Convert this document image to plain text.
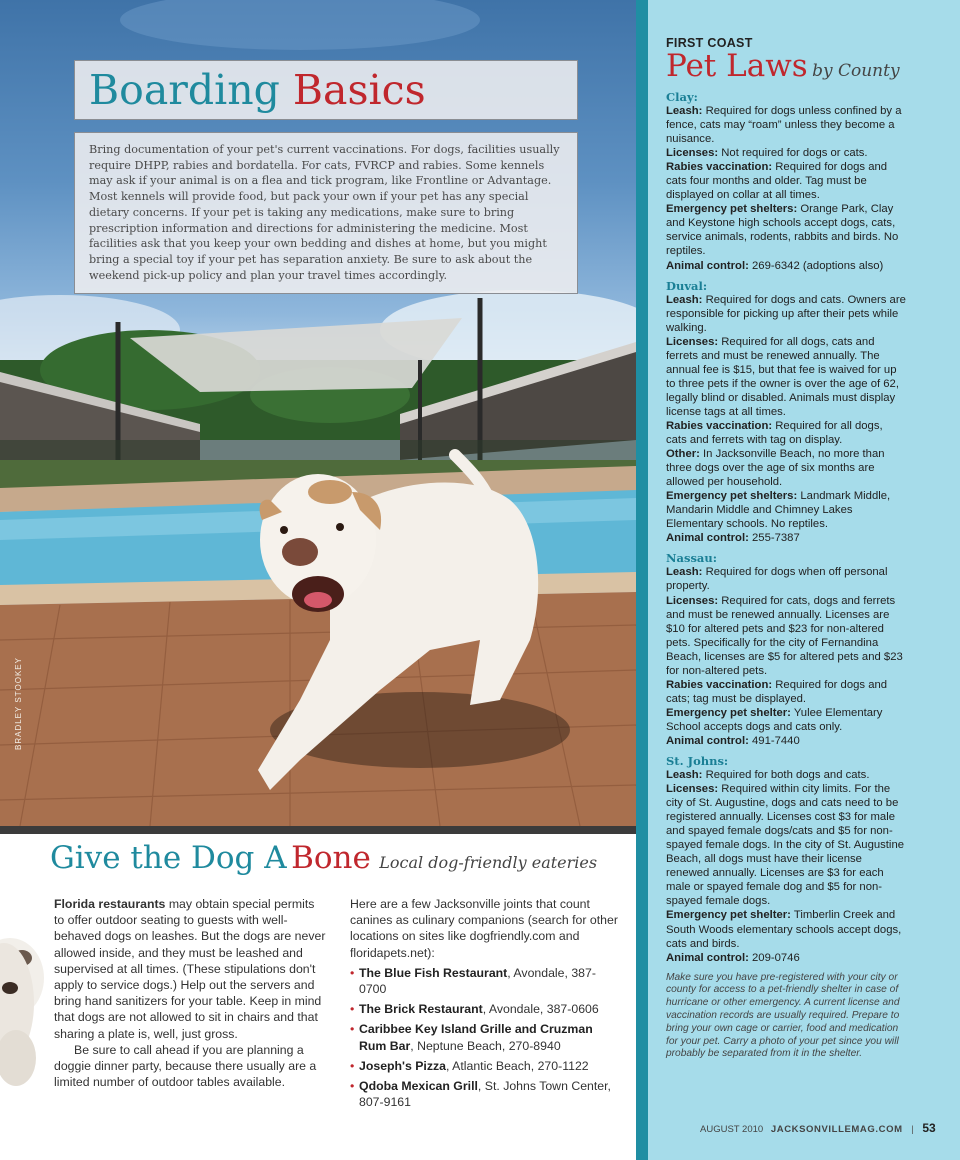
BRADLEY STOOKEY
Boarding Basics

Bring documentation of your pet's current vaccinations. For dogs, facilities usually require DHPP, rabies and bordatella. For cats, FVRCP and rabies. Some kennels may ask if your animal is on a flea and tick program, like Frontline or Advantage. Most kennels will provide food, but pack your own if your pet has any special dietary concerns. If your pet is taking any medications, make sure to bring prescription information and directions for administering the medicine. Most facilities ask that you keep your own bedding and dishes at home, but you might bring a special toy if your pet has separation anxiety. Be sure to ask about the weekend pick-up policy and plan your travel times accordingly.

FIRST COAST

Pet Laws by County

Clay:

Leash: Required for dogs unless confined by a fence, cats may “roam” unless they become a nuisance.

Licenses: Not required for dogs or cats.

Rabies vaccination: Required for dogs and cats four months and older. Tag must be displayed on collar at all times.

Emergency pet shelters: Orange Park, Clay and Keystone high schools accept dogs, cats, service animals, rodents, rabbits and birds. No reptiles.

Animal control: 269-6342 (adoptions also)

Duval:

Leash: Required for dogs and cats. Owners are responsible for picking up after their pets while walking.

Licenses: Required for all dogs, cats and ferrets and must be renewed annually. The annual fee is $15, but that fee is waived for up to three pets if the owner is over the age of 62, legally blind or disabled. Animals must display license tags at all times.

Rabies vaccination: Required for all dogs, cats and ferrets with tag on display.

Other: In Jacksonville Beach, no more than three dogs over the age of six months are allowed per household.

Emergency pet shelters: Landmark Middle, Mandarin Middle and Chimney Lakes Elementary schools. No reptiles.

Animal control: 255-7387

Nassau:

Leash: Required for dogs when off personal property.

Licenses: Required for cats, dogs and ferrets and must be renewed annually. Licenses are $10 for altered pets and $23 for non-altered pets. Specifically for the city of Fernandina Beach, licenses are $5 for altered pets and $23 for non-altered pets.

Rabies vaccination: Required for dogs and cats; tag must be displayed.

Emergency pet shelter: Yulee Elementary School accepts dogs and cats only.

Animal control: 491-7440

St. Johns:

Leash: Required for both dogs and cats.

Licenses: Required within city limits. For the city of St. Augustine, dogs and cats need to be registered annually. Licenses cost $3 for male and spayed female dogs/cats and $5 for non-spayed female dogs. In the city of St. Augustine Beach, all dogs must have their license renewed annually. Licenses are $3 for each male or spayed female dog and $5 for non-spayed female dogs.

Emergency pet shelter: Timberlin Creek and South Woods elementary schools accept dogs, cats and birds.

Animal control: 209-0746

Make sure you have pre-registered with your city or county for access to a pet-friendly shelter in case of hurricane or other emergency. A current license and vaccination records are usually required. Prepare to bring your own cage or carrier, food and medication for your pet. Carry a photo of your pet since you will probably be separated from it in the shelter.

AUGUST 2010 JACKSONVILLEMAG.COM | 53
Give the Dog A Bone Local dog-friendly eateries

Florida restaurants may obtain special permits to offer outdoor seating to guests with well-behaved dogs on leashes. But the dogs are never allowed inside, and they must be leashed and supervised at all times. (These stipulations don't apply to service dogs.) Help out the servers and bring hand sanitizers for your table. Keep in mind that dogs are not allowed to sit in chairs and that sharing a plate is, well, just gross.

Be sure to call ahead if you are planning a doggie dinner party, because there usually are a limited number of outdoor tables available.

Here are a few Jacksonville joints that count canines as culinary companions (search for other locations on sites like dogfriendly.com and floridapets.net):

• The Blue Fish Restaurant, Avondale, 387-0700
• The Brick Restaurant, Avondale, 387-0606
• Caribbee Key Island Grille and Cruzman Rum Bar, Neptune Beach, 270-8940
• Joseph's Pizza, Atlantic Beach, 270-1122
• Qdoba Mexican Grill, St. Johns Town Center, 807-9161
